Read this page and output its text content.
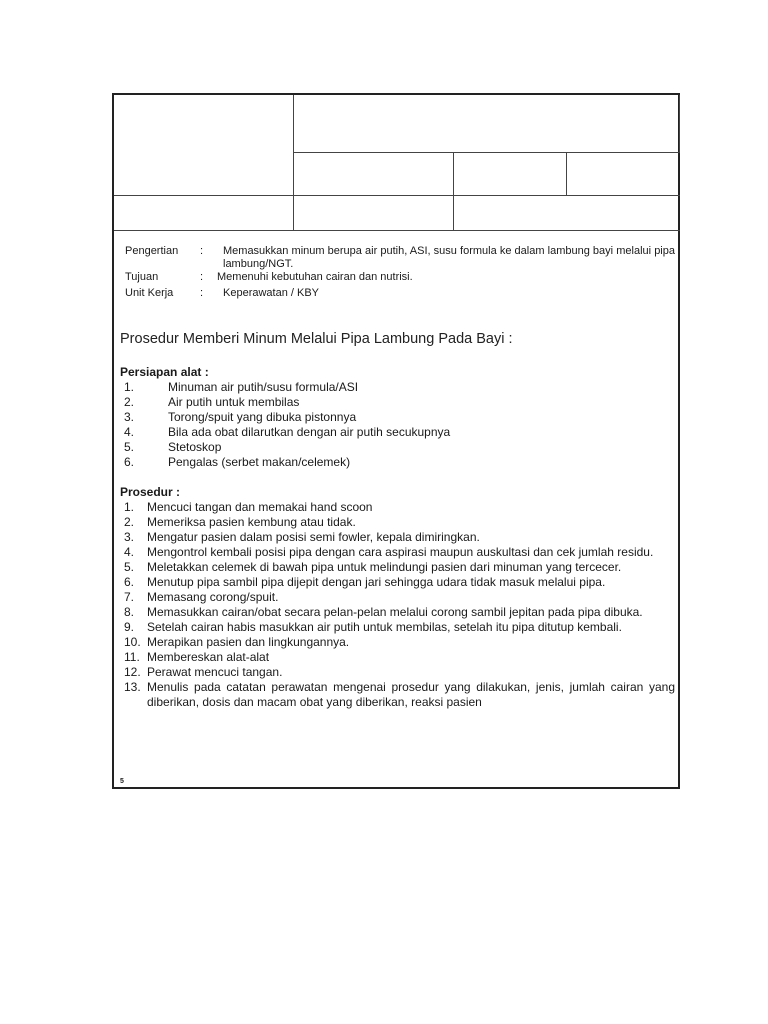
Pengertian	: Memasukkan minum berupa air putih, ASI, susu formula ke dalam lambung bayi melalui pipa lambung/NGT.
Tujuan	: Memenuhi kebutuhan cairan dan nutrisi.
Unit Kerja	: Keperawatan / KBY
Prosedur Memberi Minum Melalui Pipa Lambung Pada Bayi :
Persiapan alat :
1.	Minuman air putih/susu formula/ASI
2.	Air putih untuk membilas
3.	Torong/spuit yang dibuka pistonnya
4.	Bila ada obat dilarutkan dengan air putih secukupnya
5.	Stetoskop
6.	Pengalas (serbet makan/celemek)
Prosedur :
1. Mencuci tangan dan memakai hand scoon
2. Memeriksa pasien kembung atau tidak.
3. Mengatur pasien dalam posisi semi fowler, kepala dimiringkan.
4. Mengontrol kembali posisi pipa dengan cara aspirasi maupun auskultasi dan cek jumlah residu.
5. Meletakkan celemek di bawah pipa untuk melindungi pasien dari minuman yang tercecer.
6. Menutup pipa sambil pipa dijepit dengan jari sehingga udara tidak masuk melalui pipa.
7. Memasang corong/spuit.
8. Memasukkan cairan/obat secara pelan-pelan melalui corong sambil jepitan pada pipa dibuka.
9. Setelah cairan habis masukkan air putih untuk membilas, setelah itu pipa ditutup kembali.
10. Merapikan pasien dan lingkungannya.
11. Membereskan alat-alat
12. Perawat mencuci tangan.
13. Menulis pada catatan perawatan mengenai prosedur yang dilakukan, jenis, jumlah cairan yang diberikan, dosis dan macam obat yang diberikan, reaksi pasien
5
